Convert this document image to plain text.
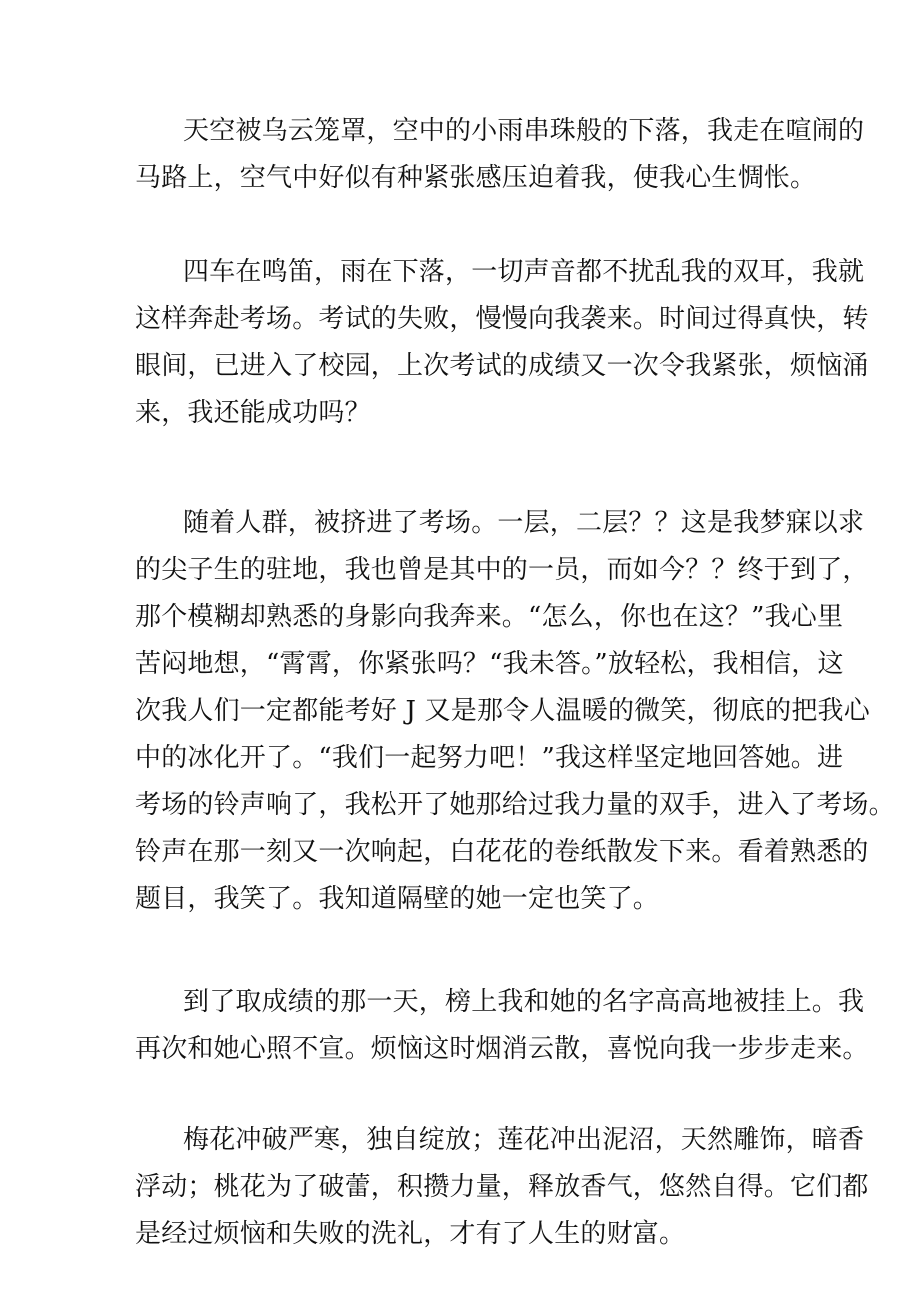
天空被乌云笼罩，空中的小雨串珠般的下落，我走在喧闹的
马路上，空气中好似有种紧张感压迫着我，使我心生惆怅。

四车在鸣笛，雨在下落，一切声音都不扰乱我的双耳，我就
这样奔赴考场。考试的失败，慢慢向我袭来。时间过得真快，转
眼间，已进入了校园，上次考试的成绩又一次令我紧张，烦恼涌
来，我还能成功吗？

随着人群，被挤进了考场。一层，二层？？这是我梦寐以求
的尖子生的驻地，我也曾是其中的一员，而如今？？终于到了，
那个模糊却熟悉的身影向我奔来。“怎么，你也在这？”我心里
苦闷地想，“霄霄，你紧张吗？“我未答。”放轻松，我相信，这
次我人们一定都能考好 J 又是那令人温暖的微笑，彻底的把我心
中的冰化开了。“我们一起努力吧！”我这样坚定地回答她。进
考场的铃声响了，我松开了她那给过我力量的双手，进入了考场。
铃声在那一刻又一次响起，白花花的卷纸散发下来。看着熟悉的
题目，我笑了。我知道隔壁的她一定也笑了。

到了取成绩的那一天，榜上我和她的名字高高地被挂上。我
再次和她心照不宣。烦恼这时烟消云散，喜悦向我一步步走来。

梅花冲破严寒，独自绽放；莲花冲出泥沼，天然雕饰，暗香
浮动；桃花为了破蕾，积攒力量，释放香气，悠然自得。它们都
是经过烦恼和失败的洗礼，才有了人生的财富。
